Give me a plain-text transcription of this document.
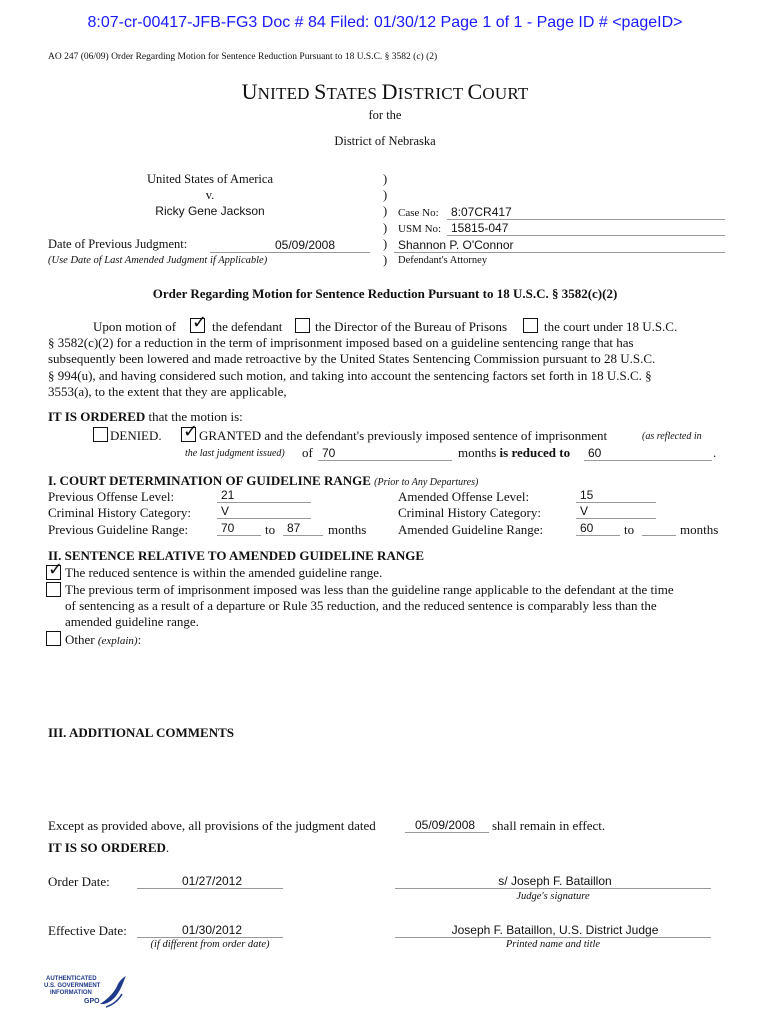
8:07-cr-00417-JFB-FG3 Doc # 84 Filed: 01/30/12 Page 1 of 1 - Page ID # <pageID>
AO 247 (06/09) Order Regarding Motion for Sentence Reduction Pursuant to 18 U.S.C. § 3582 (c) (2)
UNITED STATES DISTRICT COURT
for the
District of Nebraska
United States of America
v.
Ricky Gene Jackson
Date of Previous Judgment:	05/09/2008
(Use Date of Last Amended Judgment if Applicable)
)
)
)
)
)
)
Case No:	8:07CR417
USM No: 15815-047
Shannon P. O'Connor
Defendant's Attorney
Order Regarding Motion for Sentence Reduction Pursuant to 18 U.S.C. § 3582(c)(2)
Upon motion of ✓ the defendant	the Director of the Bureau of Prisons	the court under 18 U.S.C.
§ 3582(c)(2) for a reduction in the term of imprisonment imposed based on a guideline sentencing range that has
subsequently been lowered and made retroactive by the United States Sentencing Commission pursuant to 28 U.S.C.
§ 994(u), and having considered such motion, and taking into account the sentencing factors set forth in 18 U.S.C. §
3553(a), to the extent that they are applicable,
IT IS ORDERED that the motion is:
DENIED. ✓ GRANTED and the defendant's previously imposed sentence of imprisonment	(as reflected in
the last judgment issued) of 70	months is reduced to	60	.
I. COURT DETERMINATION OF GUIDELINE RANGE (Prior to Any Departures)
Previous Offense Level:	21
Criminal History Category:	V
Previous Guideline Range:	70	to 87	months
Amended Offense Level:	15
Criminal History Category:	V
Amended Guideline Range:	60	to	months
II. SENTENCE RELATIVE TO AMENDED GUIDELINE RANGE
✓ The reduced sentence is within the amended guideline range.
The previous term of imprisonment imposed was less than the guideline range applicable to the defendant at the time
of sentencing as a result of a departure or Rule 35 reduction, and the reduced sentence is comparably less than the
amended guideline range.
Other (explain):
III. ADDITIONAL COMMENTS
Except as provided above, all provisions of the judgment dated	05/09/2008	shall remain in effect.
IT IS SO ORDERED.
Order Date:	01/27/2012	s/ Joseph F. Bataillon
Judge's signature
Effective Date:	01/30/2012
(if different from order date)
Joseph F. Bataillon, U.S. District Judge
Printed name and title
AUTHENTICATED
U.S. GOVERNMENT
INFORMATION
GPO
